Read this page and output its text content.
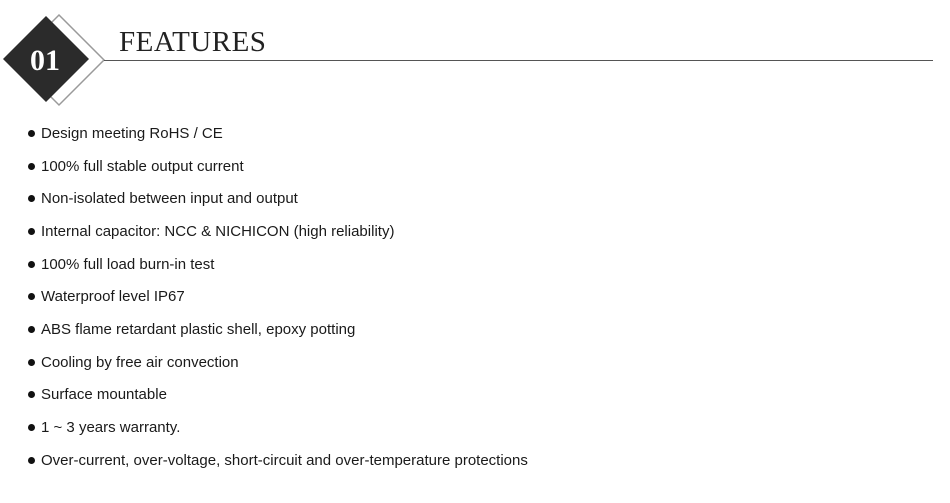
01
FEATURES
Design meeting RoHS / CE
100% full stable output current
Non-isolated between input and output
Internal capacitor: NCC & NICHICON (high reliability)
100% full load burn-in test
Waterproof level IP67
ABS flame retardant plastic shell, epoxy potting
Cooling by free air convection
Surface mountable
1 ~ 3 years warranty.
Over-current, over-voltage, short-circuit and over-temperature protections
